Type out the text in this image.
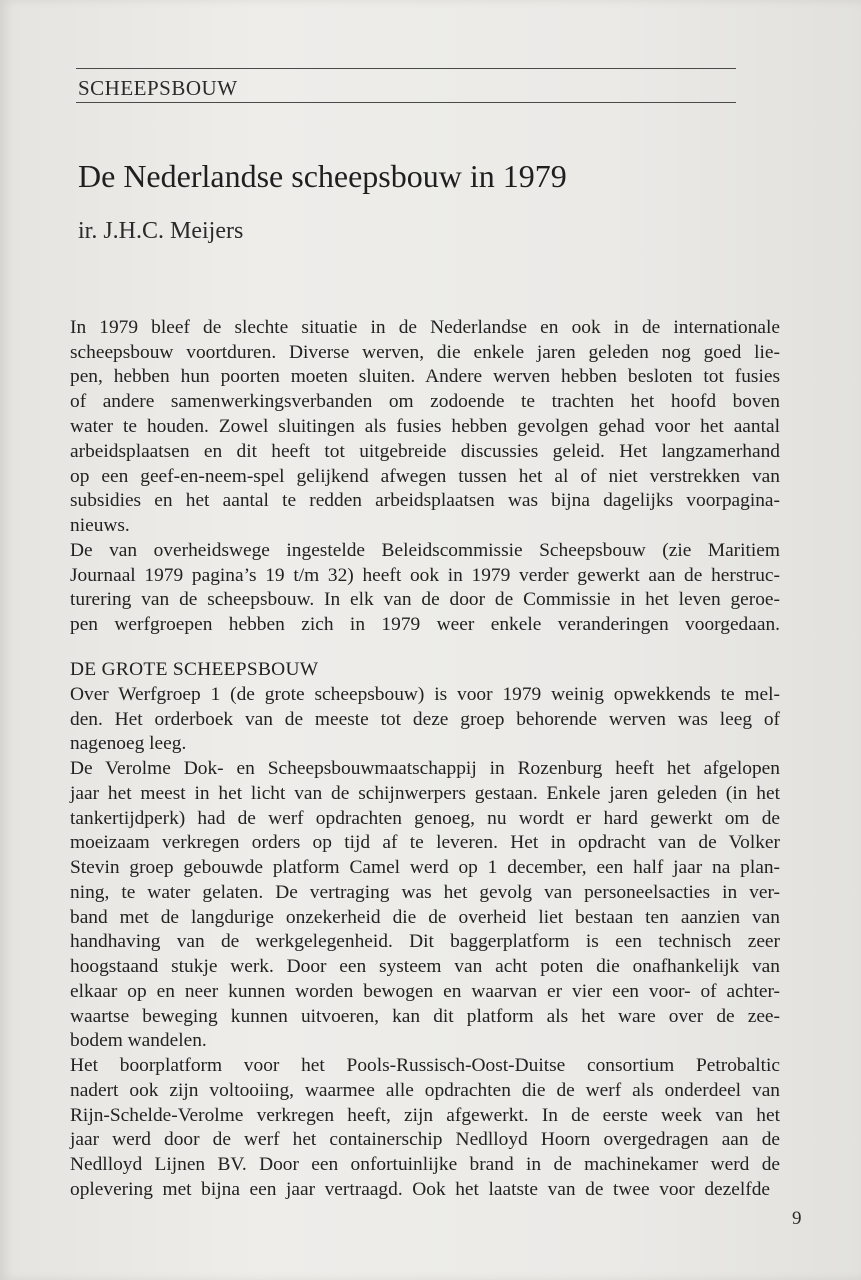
SCHEEPSBOUW
De Nederlandse scheepsbouw in 1979
ir. J.H.C. Meijers
In 1979 bleef de slechte situatie in de Nederlandse en ook in de internationale
scheepsbouw voortduren. Diverse werven, die enkele jaren geleden nog goed lie-
pen, hebben hun poorten moeten sluiten. Andere werven hebben besloten tot fusies
of andere samenwerkingsverbanden om zodoende te trachten het hoofd boven
water te houden. Zowel sluitingen als fusies hebben gevolgen gehad voor het aantal
arbeidsplaatsen en dit heeft tot uitgebreide discussies geleid. Het langzamerhand
op een geef-en-neem-spel gelijkend afwegen tussen het al of niet verstrekken van
subsidies en het aantal te redden arbeidsplaatsen was bijna dagelijks voorpagina-
nieuws.
De van overheidswege ingestelde Beleidscommissie Scheepsbouw (zie Maritiem
Journaal 1979 pagina’s 19 t/m 32) heeft ook in 1979 verder gewerkt aan de herstruc-
turering van de scheepsbouw. In elk van de door de Commissie in het leven geroe-
pen werfgroepen hebben zich in 1979 weer enkele veranderingen voorgedaan.
DE GROTE SCHEEPSBOUW
Over Werfgroep 1 (de grote scheepsbouw) is voor 1979 weinig opwekkends te mel-
den. Het orderboek van de meeste tot deze groep behorende werven was leeg of
nagenoeg leeg.
De Verolme Dok- en Scheepsbouwmaatschappij in Rozenburg heeft het afgelopen
jaar het meest in het licht van de schijnwerpers gestaan. Enkele jaren geleden (in het
tankertijdperk) had de werf opdrachten genoeg, nu wordt er hard gewerkt om de
moeizaam verkregen orders op tijd af te leveren. Het in opdracht van de Volker
Stevin groep gebouwde platform Camel werd op 1 december, een half jaar na plan-
ning, te water gelaten. De vertraging was het gevolg van personeelsacties in ver-
band met de langdurige onzekerheid die de overheid liet bestaan ten aanzien van
handhaving van de werkgelegenheid. Dit baggerplatform is een technisch zeer
hoogstaand stukje werk. Door een systeem van acht poten die onafhankelijk van
elkaar op en neer kunnen worden bewogen en waarvan er vier een voor- of achter-
waartse beweging kunnen uitvoeren, kan dit platform als het ware over de zee-
bodem wandelen.
Het boorplatform voor het Pools-Russisch-Oost-Duitse consortium Petrobaltic
nadert ook zijn voltooiing, waarmee alle opdrachten die de werf als onderdeel van
Rijn-Schelde-Verolme verkregen heeft, zijn afgewerkt. In de eerste week van het
jaar werd door de werf het containerschip Nedlloyd Hoorn overgedragen aan de
Nedlloyd Lijnen BV. Door een onfortuinlijke brand in de machinekamer werd de
oplevering met bijna een jaar vertraagd. Ook het laatste van de twee voor dezelfde
9
